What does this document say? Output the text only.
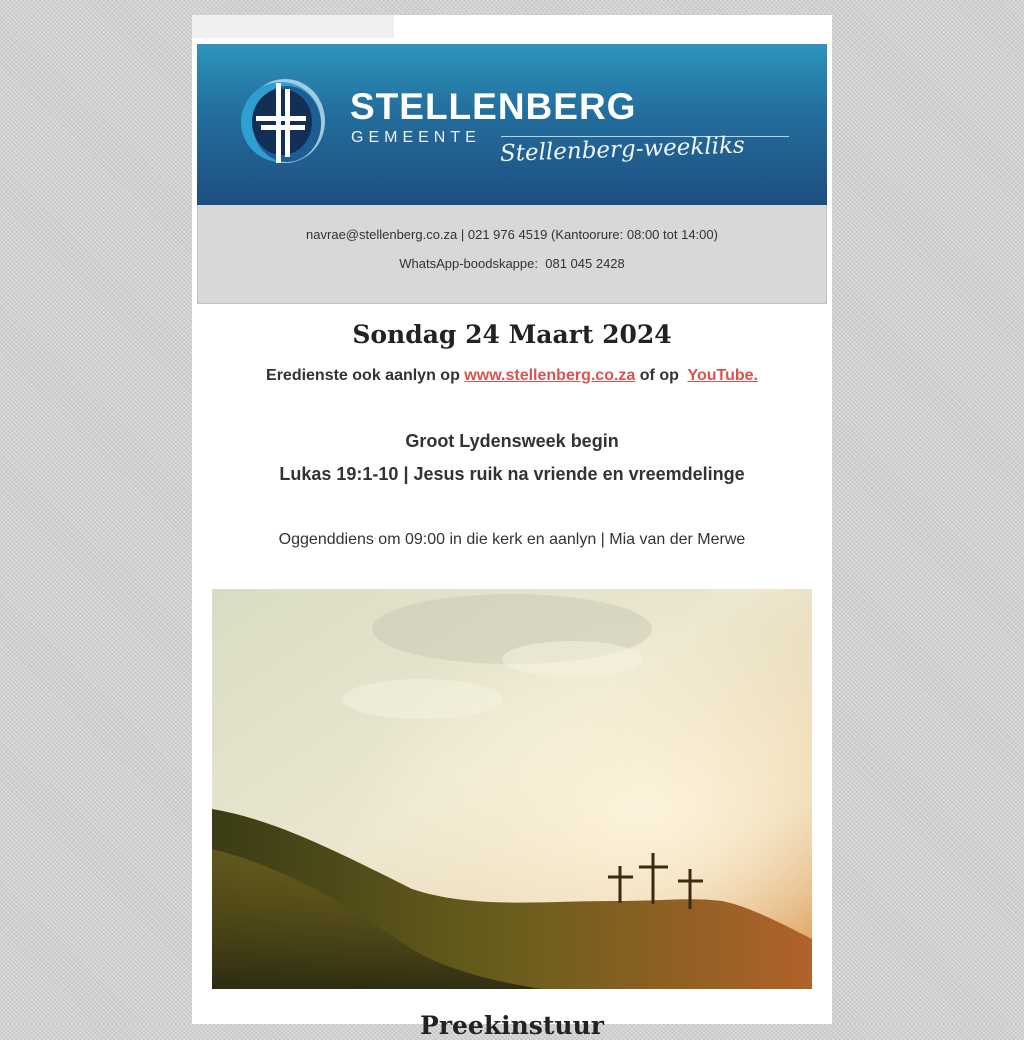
STELLENBERG
GEMEENTE Stellenberg-weekliks
navrae@stellenberg.co.za | 021 976 4519 (Kantoorure: 08:00 tot 14:00)
WhatsApp-boodskappe: 081 045 2428
Sondag 24 Maart 2024
Eredienste ook aanlyn op www.stellenberg.co.za of op YouTube.
Groot Lydensweek begin
Lukas 19:1-10 | Jesus ruik na vriende en vreemdelinge
Oggenddiens om 09:00 in die kerk en aanlyn | Mia van der Merwe
Preekinstuur
